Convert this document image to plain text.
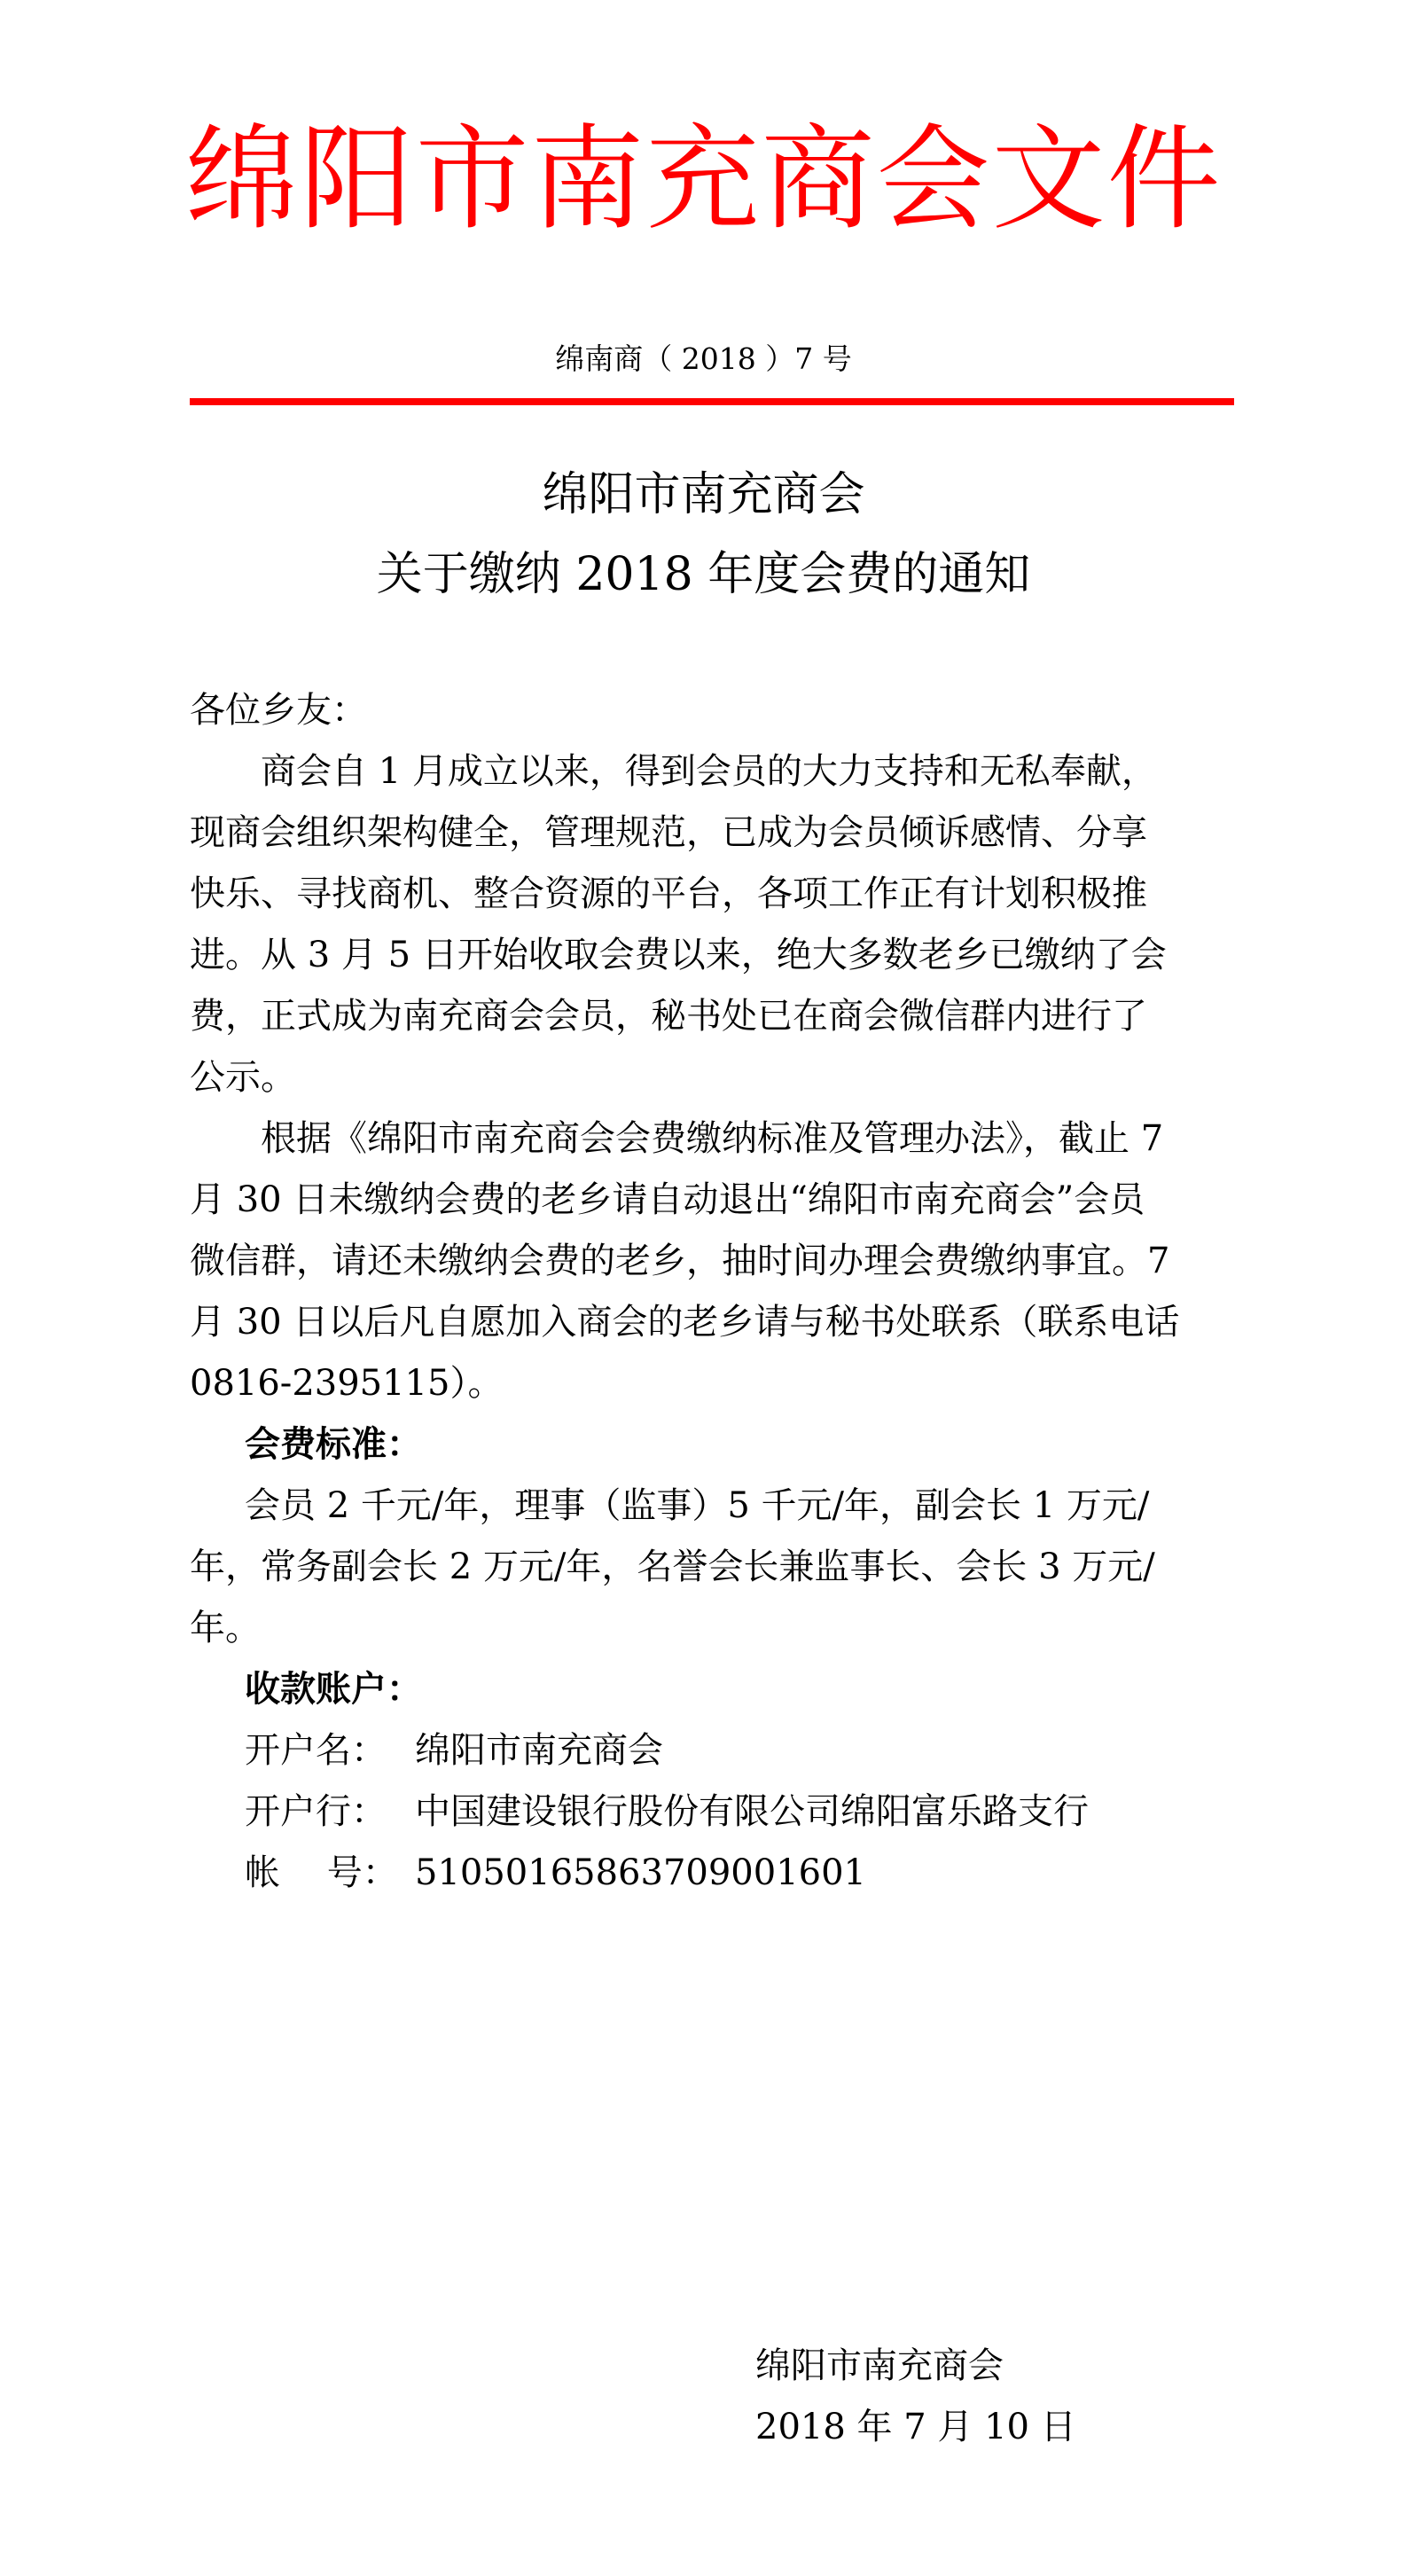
绵阳市南充商会文件
绵南商（ 2018 ）7 号
绵阳市南充商会
关于缴纳 2018 年度会费的通知
各位乡友：
商会自 1 月成立以来，得到会员的大力支持和无私奉献，
现商会组织架构健全，管理规范，已成为会员倾诉感情、分享
快乐、寻找商机、整合资源的平台，各项工作正有计划积极推
进。从 3 月 5 日开始收取会费以来，绝大多数老乡已缴纳了会
费，正式成为南充商会会员，秘书处已在商会微信群内进行了
公示。
根据《绵阳市南充商会会费缴纳标准及管理办法》，截止 7
月 30 日未缴纳会费的老乡请自动退出“绵阳市南充商会”会员
微信群，请还未缴纳会费的老乡，抽时间办理会费缴纳事宜。7
月 30 日以后凡自愿加入商会的老乡请与秘书处联系（联系电话
0816-2395115）。
会费标准：
会员 2 千元/年，理事（监事）5 千元/年，副会长 1 万元/
年，常务副会长 2 万元/年，名誉会长兼监事长、会长 3 万元/
年。
收款账户：
开户名： 绵阳市南充商会
开户行： 中国建设银行股份有限公司绵阳富乐路支行
帐　 号： 51050165863709001601
绵阳市南充商会
2018 年 7 月 10 日
